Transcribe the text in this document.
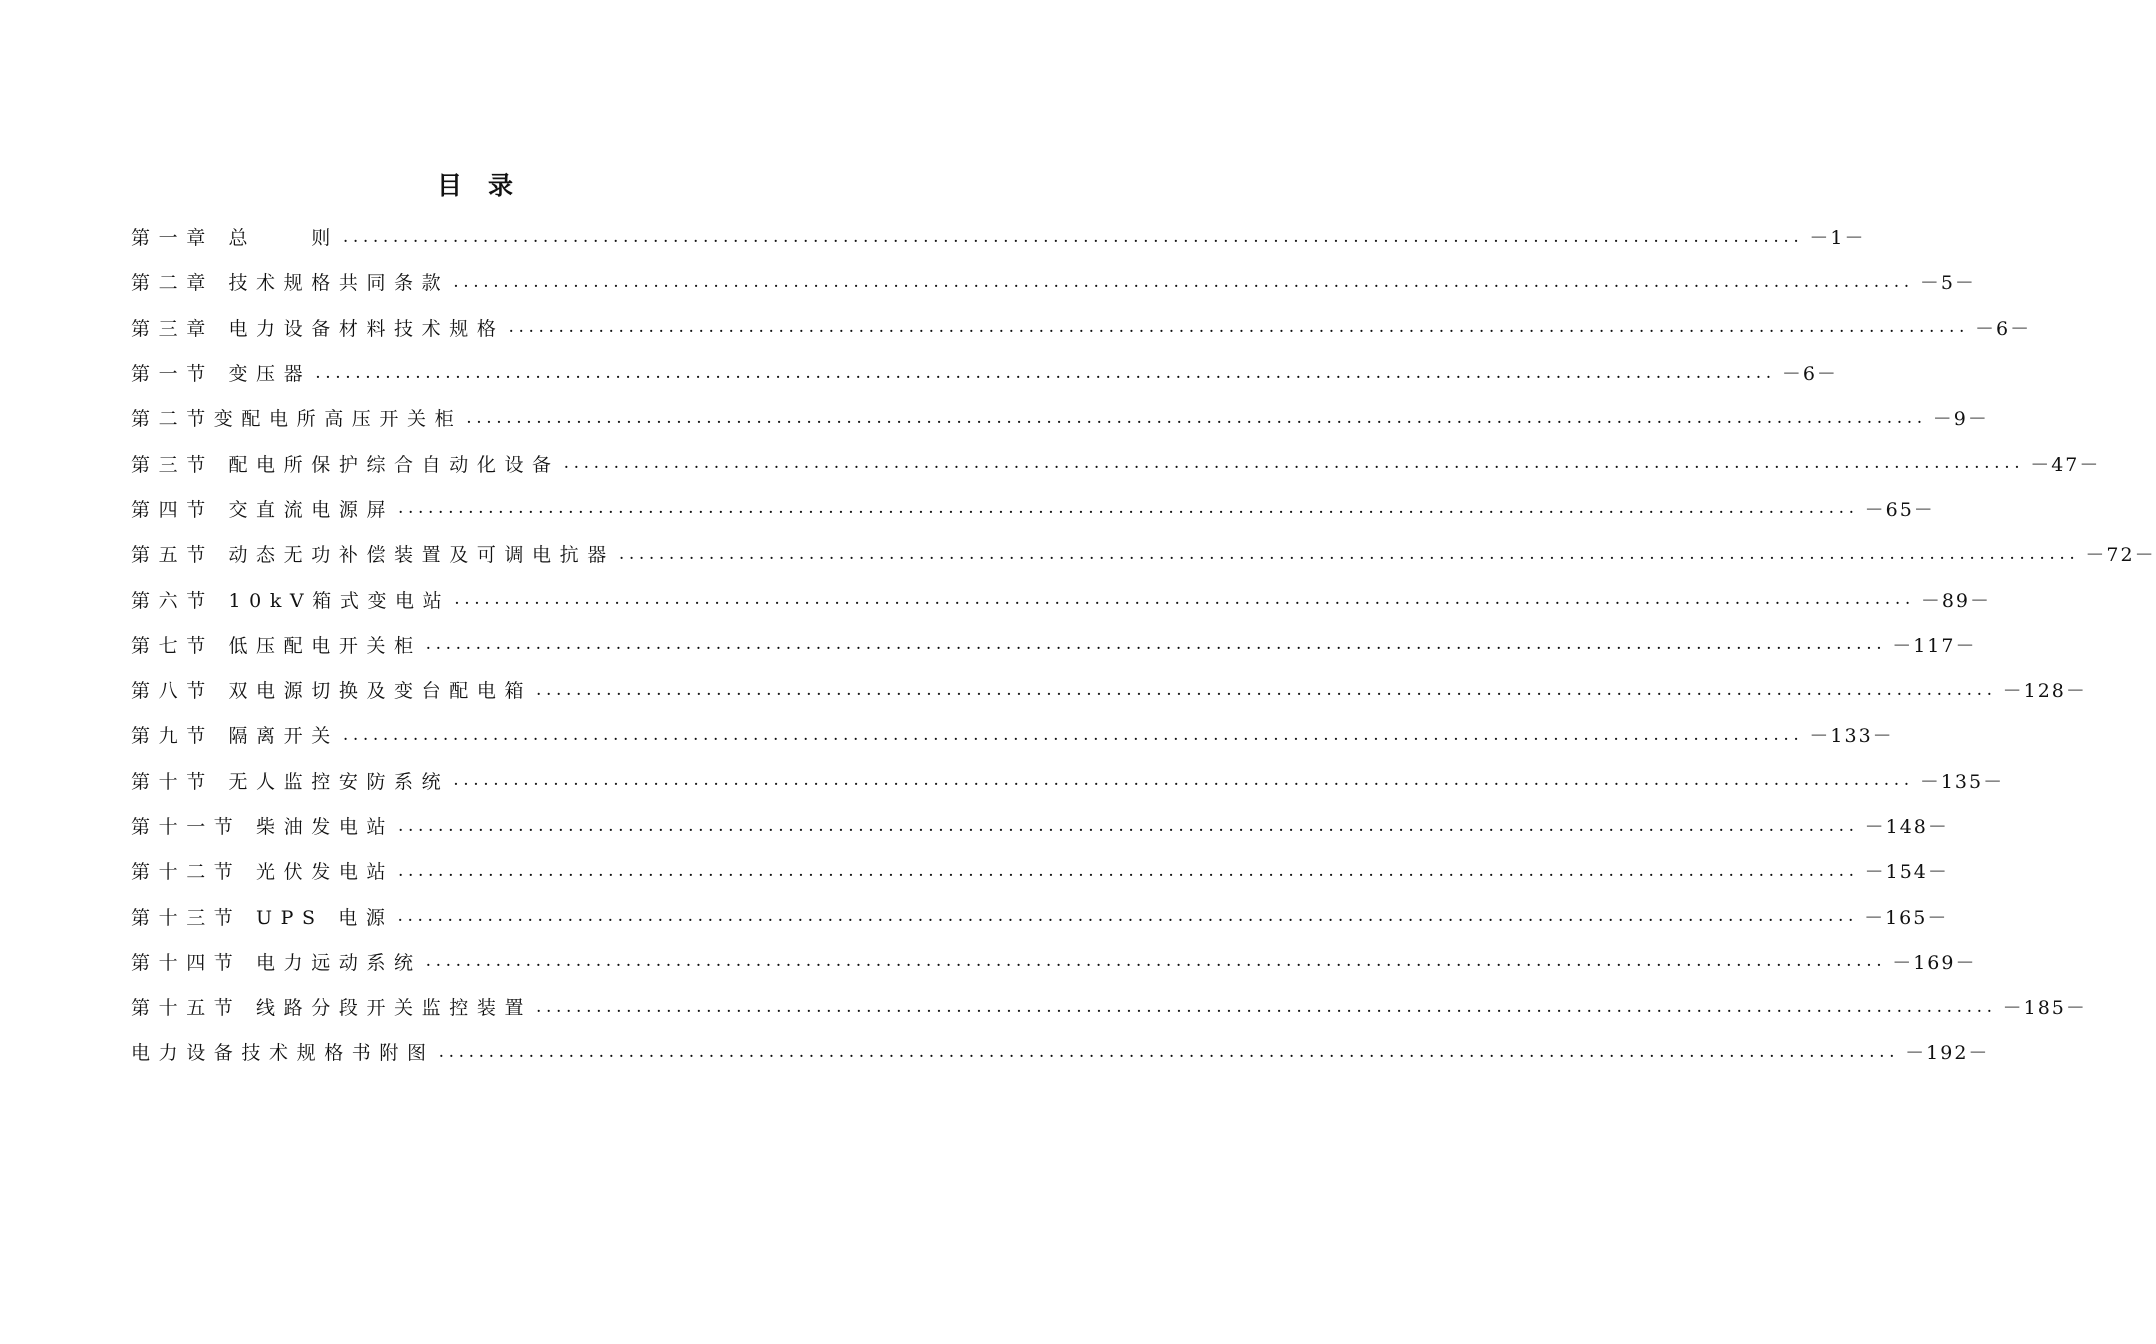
目录
第一章 总　　则 .................................................................................................................................................. －1－
第二章 技术规格共同条款 .................................................................................................................................................. －5－
第三章 电力设备材料技术规格 .................................................................................................................................................. －6－
第一节 变压器 .................................................................................................................................................. －6－
第二节变配电所高压开关柜 .................................................................................................................................................. －9－
第三节 配电所保护综合自动化设备 .................................................................................................................................................. －47－
第四节 交直流电源屏 .................................................................................................................................................. －65－
第五节 动态无功补偿装置及可调电抗器 .................................................................................................................................................. －72－
第六节 10kV箱式变电站 .................................................................................................................................................. －89－
第七节 低压配电开关柜 .................................................................................................................................................. －117－
第八节 双电源切换及变台配电箱 .................................................................................................................................................. －128－
第九节 隔离开关 .................................................................................................................................................. －133－
第十节 无人监控安防系统 .................................................................................................................................................. －135－
第十一节 柴油发电站 .................................................................................................................................................. －148－
第十二节 光伏发电站 .................................................................................................................................................. －154－
第十三节 UPS 电源 .................................................................................................................................................. －165－
第十四节 电力远动系统 .................................................................................................................................................. －169－
第十五节 线路分段开关监控装置 .................................................................................................................................................. －185－
电力设备技术规格书附图 .................................................................................................................................................. －192－
